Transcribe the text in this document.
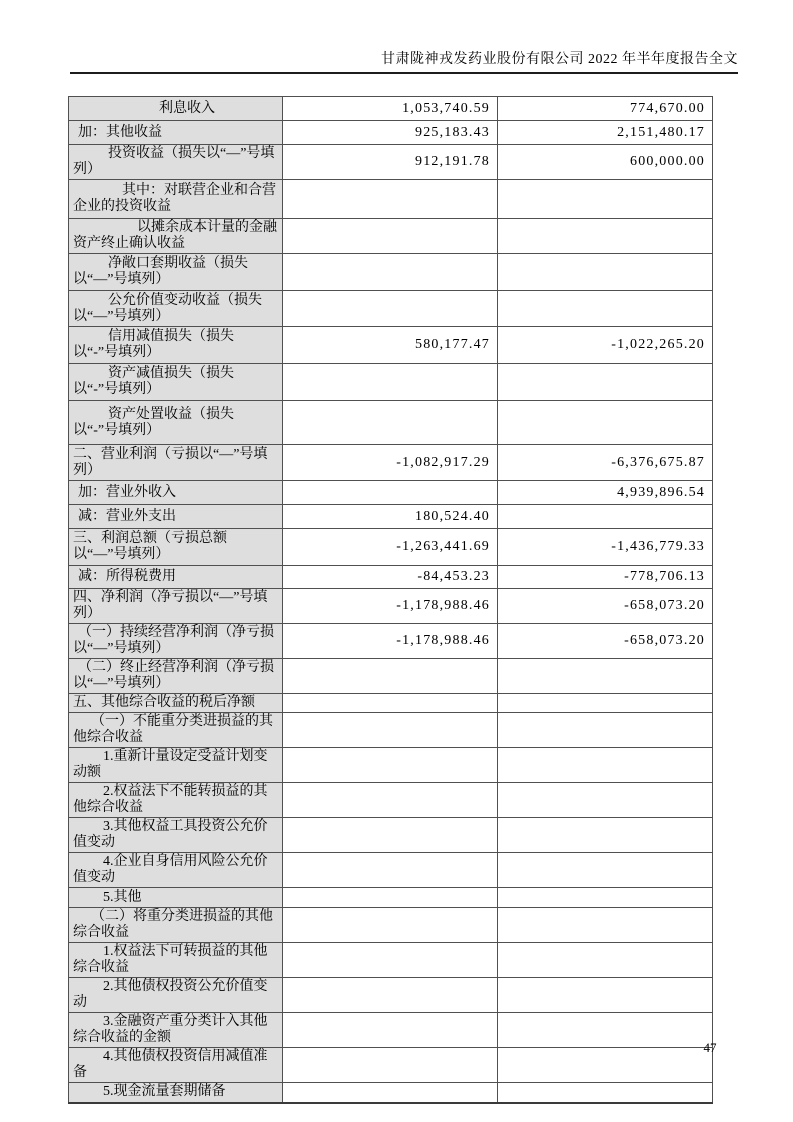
甘肃陇神戎发药业股份有限公司 2022 年半年度报告全文
利息收入	1,053,740.59	774,670.00
加：其他收益	925,183.43	2,151,480.17
投资收益（损失以“—”号填列）	912,191.78	600,000.00
其中：对联营企业和合营企业的投资收益		
以摊余成本计量的金融资产终止确认收益		
净敞口套期收益（损失以“—”号填列）		
公允价值变动收益（损失以“—”号填列）		
信用减值损失（损失以“-”号填列）	580,177.47	-1,022,265.20
资产减值损失（损失以“-”号填列）		
资产处置收益（损失以“-”号填列）		
二、营业利润（亏损以“—”号填列）	-1,082,917.29	-6,376,675.87
加：营业外收入		4,939,896.54
减：营业外支出	180,524.40	
三、利润总额（亏损总额以“—”号填列）	-1,263,441.69	-1,436,779.33
减：所得税费用	-84,453.23	-778,706.13
四、净利润（净亏损以“—”号填列）	-1,178,988.46	-658,073.20
（一）持续经营净利润（净亏损以“—”号填列）	-1,178,988.46	-658,073.20
（二）终止经营净利润（净亏损以“—”号填列）		
五、其他综合收益的税后净额		
（一）不能重分类进损益的其他综合收益		
1.重新计量设定受益计划变动额		
2.权益法下不能转损益的其他综合收益		
3.其他权益工具投资公允价值变动		
4.企业自身信用风险公允价值变动		
5.其他		
（二）将重分类进损益的其他综合收益		
1.权益法下可转损益的其他综合收益		
2.其他债权投资公允价值变动		
3.金融资产重分类计入其他综合收益的金额		
4.其他债权投资信用减值准备		
5.现金流量套期储备		
47
